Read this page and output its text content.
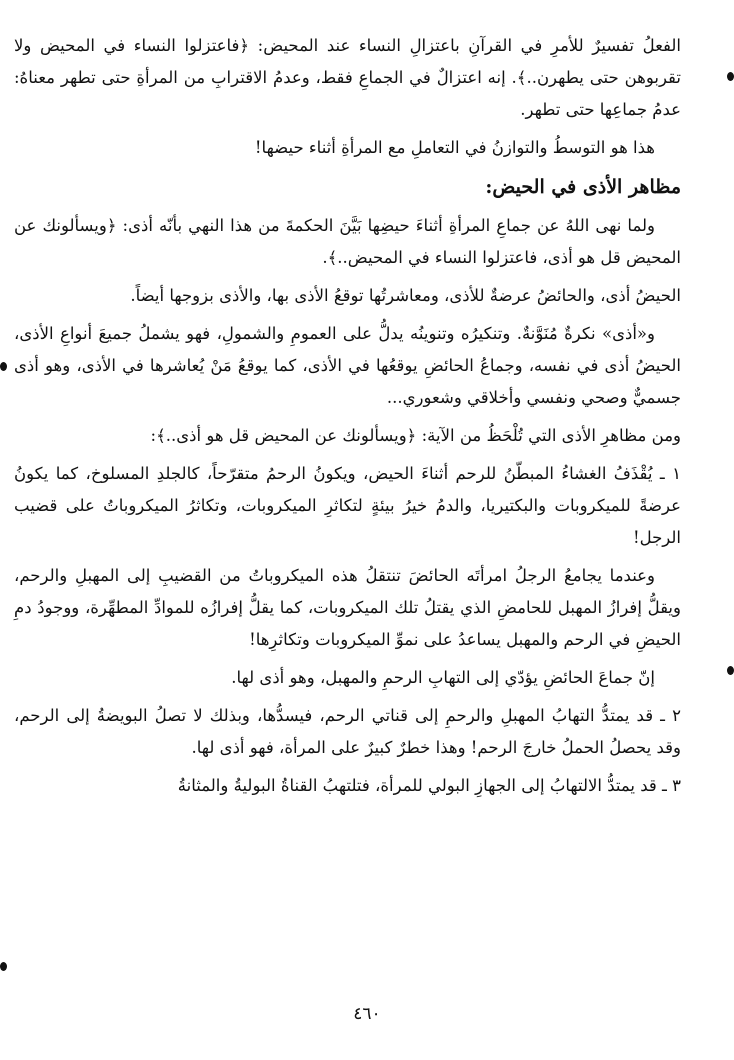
الفعلُ تفسيرٌ للأمرِ في القرآنِ باعتزالِ النساء عند المحيض: ﴿فاعتزلوا النساء في المحيض ولا تقربوهن حتى يطهرن..﴾. إنه اعتزالٌ في الجماعِ فقط، وعدمُ الاقترابِ من المرأةِ حتى تطهر معناهُ: عدمُ جماعِها حتى تطهر.

هذا هو التوسطُ والتوازنُ في التعاملِ مع المرأةِ أثناء حيضها!

مظاهر الأذى في الحيض:

ولما نهى اللهُ عن جماعِ المرأةِ أثناءَ حيضِها بَيَّنَ الحكمةَ من هذا النهي بأنّه أذى: ﴿ويسألونك عن المحيض قل هو أذى، فاعتزلوا النساء في المحيض..﴾.

الحيضُ أذى، والحائضُ عرضةٌ للأذى، ومعاشرتُها توقعُ الأذى بها، والأذى بزوجها أيضاً.

و«أذى» نكرةٌ مُنَوَّنةٌ. وتنكيرُه وتنوينُه يدلُّ على العمومِ والشمولِ، فهو يشملُ جميعَ أنواعِ الأذى، الحيضُ أذى في نفسه، وجماعُ الحائضِ يوقعُها في الأذى، كما يوقعُ مَنْ يُعاشرها في الأذى، وهو أذى جسميٌّ وصحي ونفسي وأخلاقي وشعوري...

ومن مظاهرِ الأذى التي تُلْحَظُ من الآية: ﴿ويسألونك عن المحيض قل هو أذى..﴾:

١ ـ يُقْذَفُ الغشاءُ المبطّنُ للرحم أثناءَ الحيض، ويكونُ الرحمُ متقرّحاً، كالجلدِ المسلوخ، كما يكونُ عرضةً للميكروبات والبكتيريا، والدمُ خيرُ بيئةٍ لتكاثرِ الميكروبات، وتكاثرُ الميكروباتُ على قضيب الرجل!

وعندما يجامعُ الرجلُ امرأتَه الحائضَ تنتقلُ هذه الميكروباتُ من القضيبِ إلى المهبلِ والرحم، ويقلُّ إفرازُ المهبل للحامضِ الذي يقتلُ تلك الميكروبات، كما يقلُّ إفرازُه للموادِّ المطهِّرة، ووجودُ دمِ الحيضِ في الرحم والمهبل يساعدُ على نموِّ الميكروبات وتكاثرِها!

إنّ جماعَ الحائضِ يؤدّي إلى التهابِ الرحمِ والمهبل، وهو أذى لها.

٢ ـ قد يمتدُّ التهابُ المهبلِ والرحمِ إلى قناتي الرحم، فيسدُّها، وبذلك لا تصلُ البويضةُ إلى الرحم، وقد يحصلُ الحملُ خارجَ الرحم! وهذا خطرٌ كبيرٌ على المرأة، فهو أذى لها.

٣ ـ قد يمتدُّ الالتهابُ إلى الجهازِ البولي للمرأة، فتلتهبُ القناةُ البوليةُ والمثانةُ

٤٦٠
